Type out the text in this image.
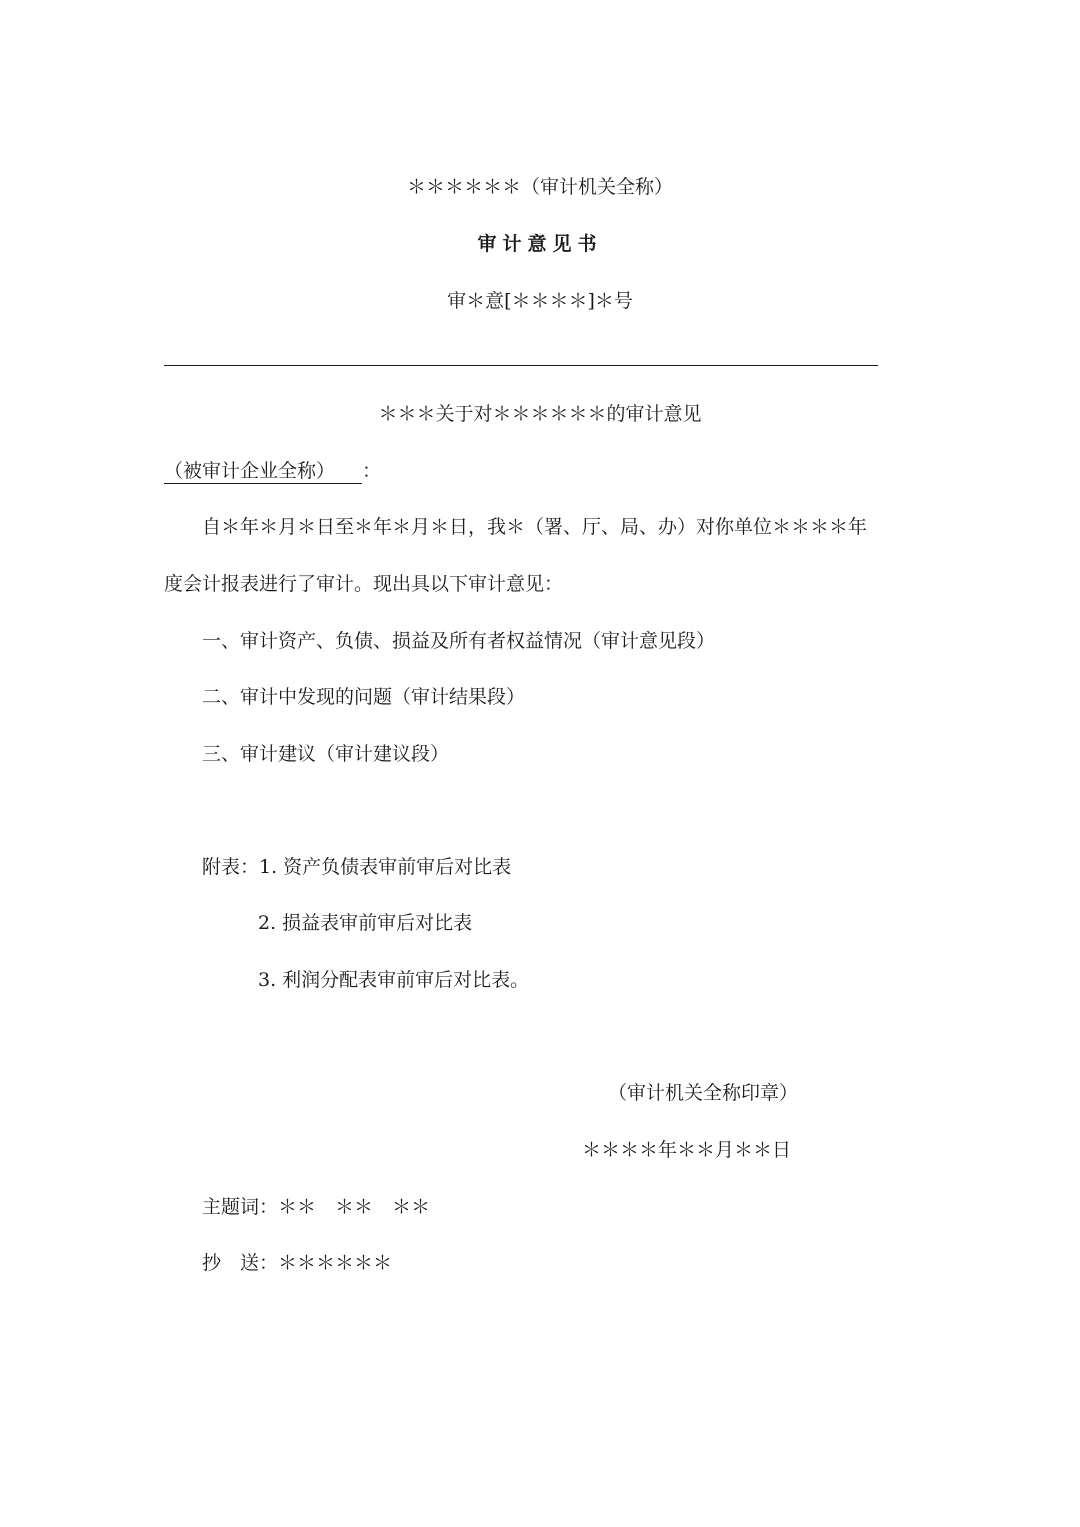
＊＊＊＊＊＊（审计机关全称）
审计意见书
审＊意[＊＊＊＊]＊号
＊＊＊关于对＊＊＊＊＊＊的审计意见
（被审计企业全称） ：
自＊年＊月＊日至＊年＊月＊日，我＊（署、厅、局、办）对你单位＊＊＊＊年
度会计报表进行了审计。现出具以下审计意见：
一、审计资产、负债、损益及所有者权益情况（审计意见段）
二、审计中发现的问题（审计结果段）
三、审计建议（审计建议段）
附表：1. 资产负债表审前审后对比表
2. 损益表审前审后对比表
3. 利润分配表审前审后对比表。
（审计机关全称印章）
＊＊＊＊年＊＊月＊＊日
主题词：＊＊　＊＊　＊＊
抄　送：＊＊＊＊＊＊
